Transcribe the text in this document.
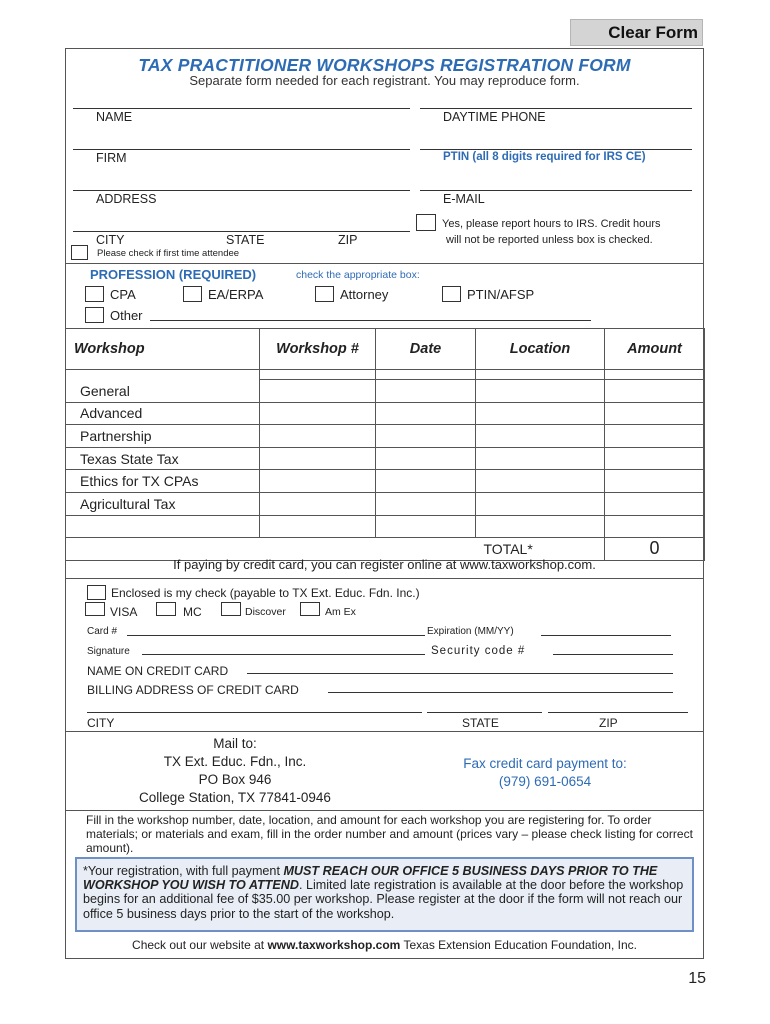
Clear Form
TAX PRACTITIONER WORKSHOPS REGISTRATION FORM
Separate form needed for each registrant. You may reproduce form.
NAME	DAYTIME PHONE
FIRM	PTIN (all 8 digits required for IRS CE)
ADDRESS	E-MAIL
CITY	STATE	ZIP
Please check if first time attendee
Yes, please report hours to IRS. Credit hours
will not be reported unless box is checked.
PROFESSION (REQUIRED)	check the appropriate box:
CPA	EA/ERPA	Attorney	PTIN/AFSP
Other
Workshop	Workshop #	Date	Location	Amount

General				
Advanced				
Partnership				
Texas State Tax				
Ethics for TX CPAs				
Agricultural Tax				

			TOTAL*	0
If paying by credit card, you can register online at www.taxworkshop.com.
Enclosed is my check (payable to TX Ext. Educ. Fdn. Inc.)
VISA	MC	Discover	Am Ex
Card #	Expiration (MM/YY)
Signature	Security code #
NAME ON CREDIT CARD
BILLING ADDRESS OF CREDIT CARD
CITY	STATE	ZIP
Mail to:
TX Ext. Educ. Fdn., Inc.
PO Box 946
College Station, TX 77841-0946
Fax credit card payment to:
(979) 691-0654
Fill in the workshop number, date, location, and amount for each workshop you are registering for. To order materials; or materials and exam, fill in the order number and amount (prices vary – please check listing for correct amount).
*Your registration, with full payment MUST REACH OUR OFFICE 5 BUSINESS DAYS PRIOR TO THE WORKSHOP YOU WISH TO ATTEND. Limited late registration is available at the door before the workshop begins for an additional fee of $35.00 per workshop. Please register at the door if the form will not reach our office 5 business days prior to the start of the workshop.
Check out our website at www.taxworkshop.com Texas Extension Education Foundation, Inc.
15
